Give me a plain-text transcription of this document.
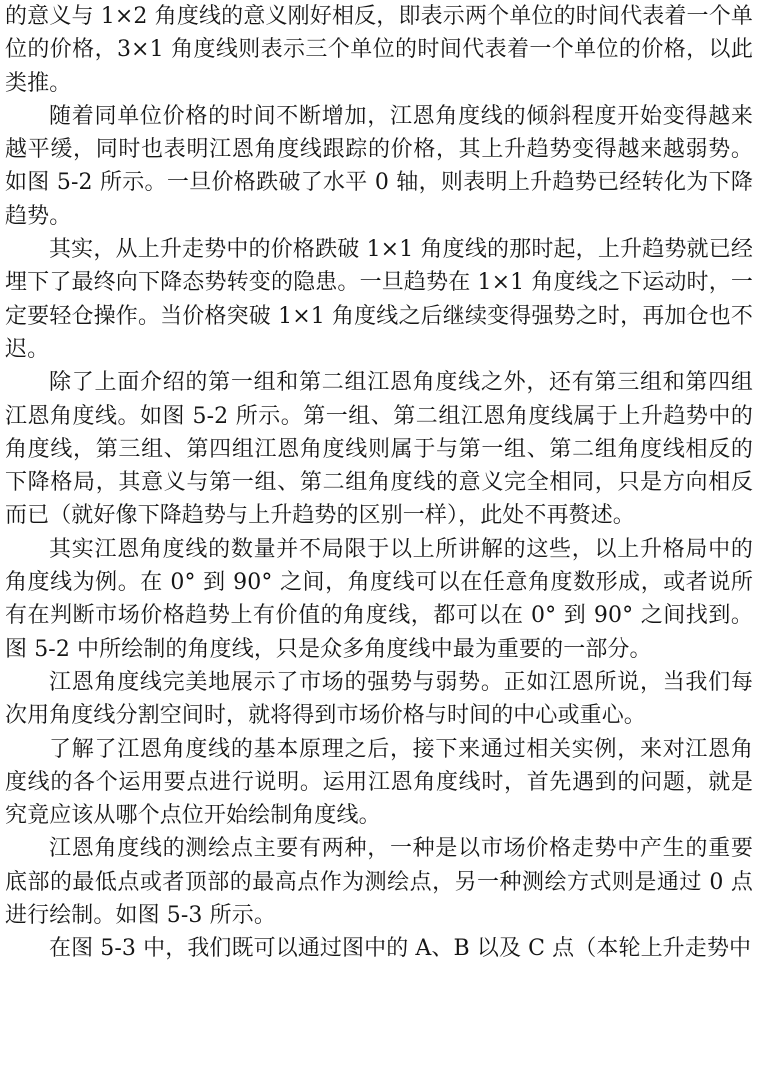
的意义与 1×2 角度线的意义刚好相反，即表示两个单位的时间代表着一个单位的价格，3×1 角度线则表示三个单位的时间代表着一个单位的价格，以此类推。

随着同单位价格的时间不断增加，江恩角度线的倾斜程度开始变得越来越平缓，同时也表明江恩角度线跟踪的价格，其上升趋势变得越来越弱势。如图 5-2 所示。一旦价格跌破了水平 0 轴，则表明上升趋势已经转化为下降趋势。

其实，从上升走势中的价格跌破 1×1 角度线的那时起，上升趋势就已经埋下了最终向下降态势转变的隐患。一旦趋势在 1×1 角度线之下运动时，一定要轻仓操作。当价格突破 1×1 角度线之后继续变得强势之时，再加仓也不迟。

除了上面介绍的第一组和第二组江恩角度线之外，还有第三组和第四组江恩角度线。如图 5-2 所示。第一组、第二组江恩角度线属于上升趋势中的角度线，第三组、第四组江恩角度线则属于与第一组、第二组角度线相反的下降格局，其意义与第一组、第二组角度线的意义完全相同，只是方向相反而已（就好像下降趋势与上升趋势的区别一样），此处不再赘述。

其实江恩角度线的数量并不局限于以上所讲解的这些，以上升格局中的角度线为例。在 0° 到 90° 之间，角度线可以在任意角度数形成，或者说所有在判断市场价格趋势上有价值的角度线，都可以在 0° 到 90° 之间找到。图 5-2 中所绘制的角度线，只是众多角度线中最为重要的一部分。

江恩角度线完美地展示了市场的强势与弱势。正如江恩所说，当我们每次用角度线分割空间时，就将得到市场价格与时间的中心或重心。

了解了江恩角度线的基本原理之后，接下来通过相关实例，来对江恩角度线的各个运用要点进行说明。运用江恩角度线时，首先遇到的问题，就是究竟应该从哪个点位开始绘制角度线。

江恩角度线的测绘点主要有两种，一种是以市场价格走势中产生的重要底部的最低点或者顶部的最高点作为测绘点，另一种测绘方式则是通过 0 点进行绘制。如图 5-3 所示。

在图 5-3 中，我们既可以通过图中的 A、B 以及 C 点（本轮上升走势中
